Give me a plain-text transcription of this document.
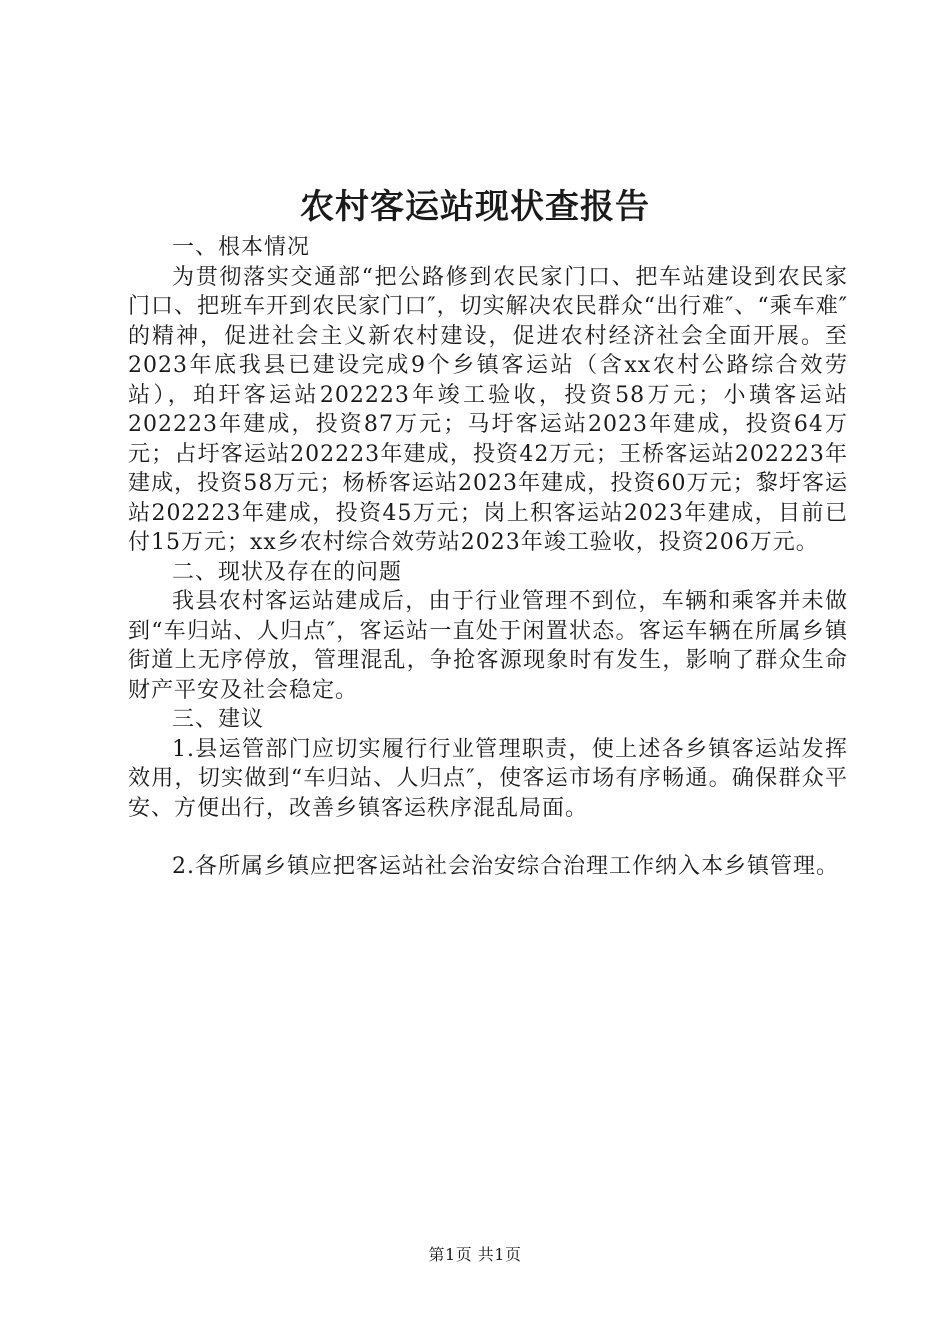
农村客运站现状查报告

一、根本情况

为贯彻落实交通部“把公路修到农民家门口、把车站建设到农民家门口、把班车开到农民家门口″，切实解决农民群众“出行难″、“乘车难″的精神，促进社会主义新农村建设，促进农村经济社会全面开展。至2023年底我县已建设完成9个乡镇客运站（含xx农村公路综合效劳站），珀玕客运站202223年竣工验收，投资58万元；小璜客运站202223年建成，投资87万元；马圩客运站2023年建成，投资64万元；占圩客运站202223年建成，投资42万元；王桥客运站202223年建成，投资58万元；杨桥客运站2023年建成，投资60万元；黎圩客运站202223年建成，投资45万元；岗上积客运站2023年建成，目前已付15万元；xx乡农村综合效劳站2023年竣工验收，投资206万元。

二、现状及存在的问题

我县农村客运站建成后，由于行业管理不到位，车辆和乘客并未做到“车归站、人归点″，客运站一直处于闲置状态。客运车辆在所属乡镇街道上无序停放，管理混乱，争抢客源现象时有发生，影响了群众生命财产平安及社会稳定。

三、建议

1.县运管部门应切实履行行业管理职责，使上述各乡镇客运站发挥效用，切实做到“车归站、人归点″，使客运市场有序畅通。确保群众平安、方便出行，改善乡镇客运秩序混乱局面。

2.各所属乡镇应把客运站社会治安综合治理工作纳入本乡镇管理。

第1页 共1页
